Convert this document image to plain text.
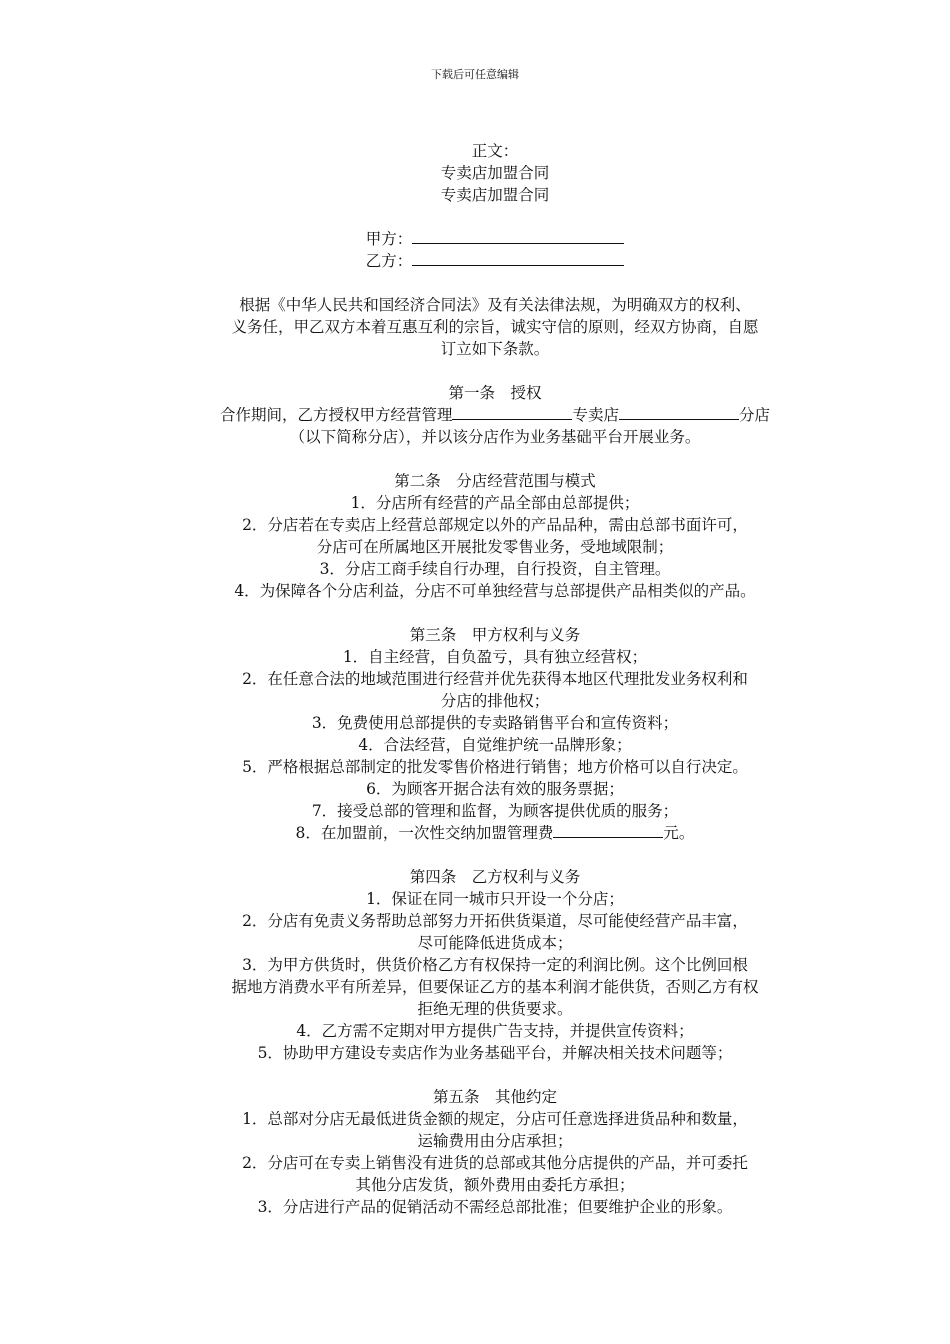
下载后可任意编辑
正文：
专卖店加盟合同
专卖店加盟合同
甲方：
乙方：
根据《中华人民共和国经济合同法》及有关法律法规，为明确双方的权利、
义务任，甲乙双方本着互惠互利的宗旨，诚实守信的原则，经双方协商，自愿
订立如下条款。
第一条　授权
合作期间，乙方授权甲方经营管理	专卖店	分店
（以下简称分店），并以该分店作为业务基础平台开展业务。
第二条　分店经营范围与模式
1．分店所有经营的产品全部由总部提供；
2．分店若在专卖店上经营总部规定以外的产品品种，需由总部书面许可，
分店可在所属地区开展批发零售业务，受地域限制；
3．分店工商手续自行办理，自行投资，自主管理。
4．为保障各个分店利益，分店不可单独经营与总部提供产品相类似的产品。
第三条　甲方权利与义务
1．自主经营，自负盈亏，具有独立经营权；
2．在任意合法的地域范围进行经营并优先获得本地区代理批发业务权利和
分店的排他权；
3．免费使用总部提供的专卖路销售平台和宣传资料；
4．合法经营，自觉维护统一品牌形象；
5．严格根据总部制定的批发零售价格进行销售；地方价格可以自行决定。
6．为顾客开据合法有效的服务票据；
7．接受总部的管理和监督，为顾客提供优质的服务；
8．在加盟前，一次性交纳加盟管理费	元。
第四条　乙方权利与义务
1．保证在同一城市只开设一个分店；
2．分店有免责义务帮助总部努力开拓供货渠道，尽可能使经营产品丰富，
尽可能降低进货成本；
3．为甲方供货时，供货价格乙方有权保持一定的利润比例。这个比例回根
据地方消费水平有所差异，但要保证乙方的基本利润才能供货，否则乙方有权
拒绝无理的供货要求。
4．乙方需不定期对甲方提供广告支持，并提供宣传资料；
5．协助甲方建设专卖店作为业务基础平台，并解决相关技术问题等；
第五条　其他约定
1．总部对分店无最低进货金额的规定，分店可任意选择进货品种和数量，
运输费用由分店承担；
2．分店可在专卖上销售没有进货的总部或其他分店提供的产品，并可委托
其他分店发货，额外费用由委托方承担；
3．分店进行产品的促销活动不需经总部批准；但要维护企业的形象。
